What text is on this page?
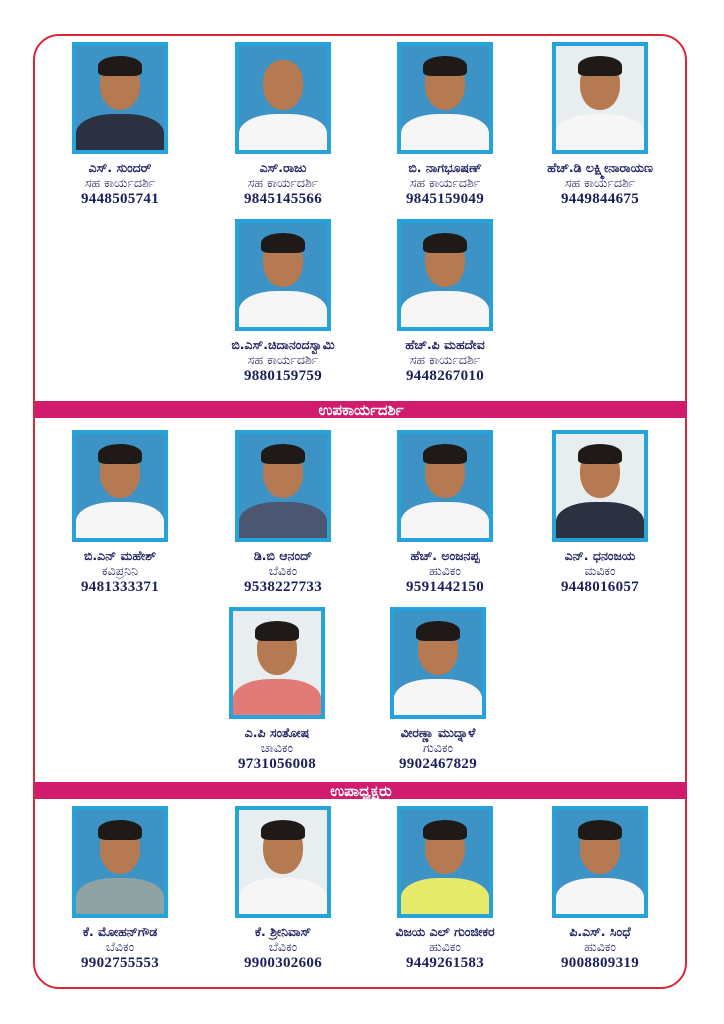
ಉಪಕಾರ್ಯದರ್ಶಿ
ಉಪಾಧ್ಯಕ್ಷರು
ಎಸ್. ಸುಂದರ್
ಸಹ ಕಾರ್ಯದರ್ಶಿ
9448505741
ಎಸ್.ರಾಜು
ಸಹ ಕಾರ್ಯದರ್ಶಿ
9845145566
ಬಿ. ನಾಗಭೂಷಣ್
ಸಹ ಕಾರ್ಯದರ್ಶಿ
9845159049
ಹೆಚ್.ಡಿ ಲಕ್ಷ್ಮೀನಾರಾಯಣ
ಸಹ ಕಾರ್ಯದರ್ಶಿ
9449844675
ಬಿ.ಎಸ್.ಚಿದಾನಂದಸ್ವಾಮಿ
ಸಹ ಕಾರ್ಯದರ್ಶಿ
9880159759
ಹೆಚ್.ಪಿ ಮಹದೇವ
ಸಹ ಕಾರ್ಯದರ್ಶಿ
9448267010
ಬಿ.ಎನ್ ಮಹೇಶ್
ಕವಿಪ್ರನಿನಿ
9481333371
ಡಿ.ಬಿ ಆನಂದ್
ಬೆವಿಕಂ
9538227733
ಹೆಚ್. ಅಂಜನಪ್ಪ
ಹುವಿಕಂ
9591442150
ಎನ್. ಧನಂಜಯ
ಮವಿಕಂ
9448016057
ಎ.ಪಿ ಸಂತೋಷ
ಚಾವಿಕಂ
9731056008
ವೀರಣ್ಣಾ ಮುದ್ನಾಳೆ
ಗುವಿಕಂ
9902467829
ಕೆ. ಮೋಹನ್‌ಗೌಡ
ಬೆವಿಕಂ
9902755553
ಕೆ. ಶ್ರೀನಿವಾಸ್
ಬೆವಿಕಂ
9900302606
ವಿಜಯ ಎಲ್ ಗುಂಜೀಕರ
ಹುವಿಕಂ
9449261583
ಪಿ.ಎಸ್. ಸಿಂಧೆ
ಹುವಿಕಂ
9008809319
